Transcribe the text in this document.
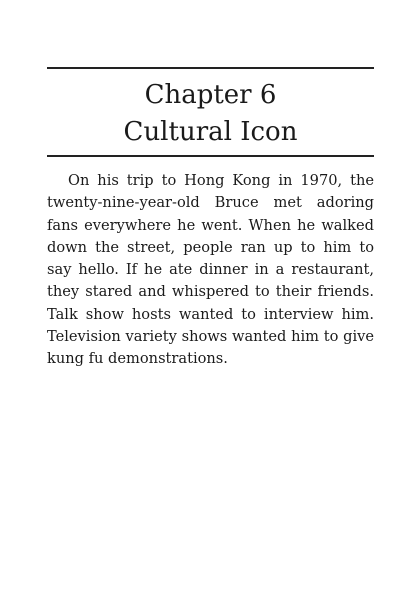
Chapter 6
Cultural Icon

On his trip to Hong Kong in 1970, the twenty-nine-year-old Bruce met adoring fans everywhere he went. When he walked down the street, people ran up to him to say hello. If he ate dinner in a restaurant, they stared and whispered to their friends. Talk show hosts wanted to interview him. Television variety shows wanted him to give kung fu demonstrations.
